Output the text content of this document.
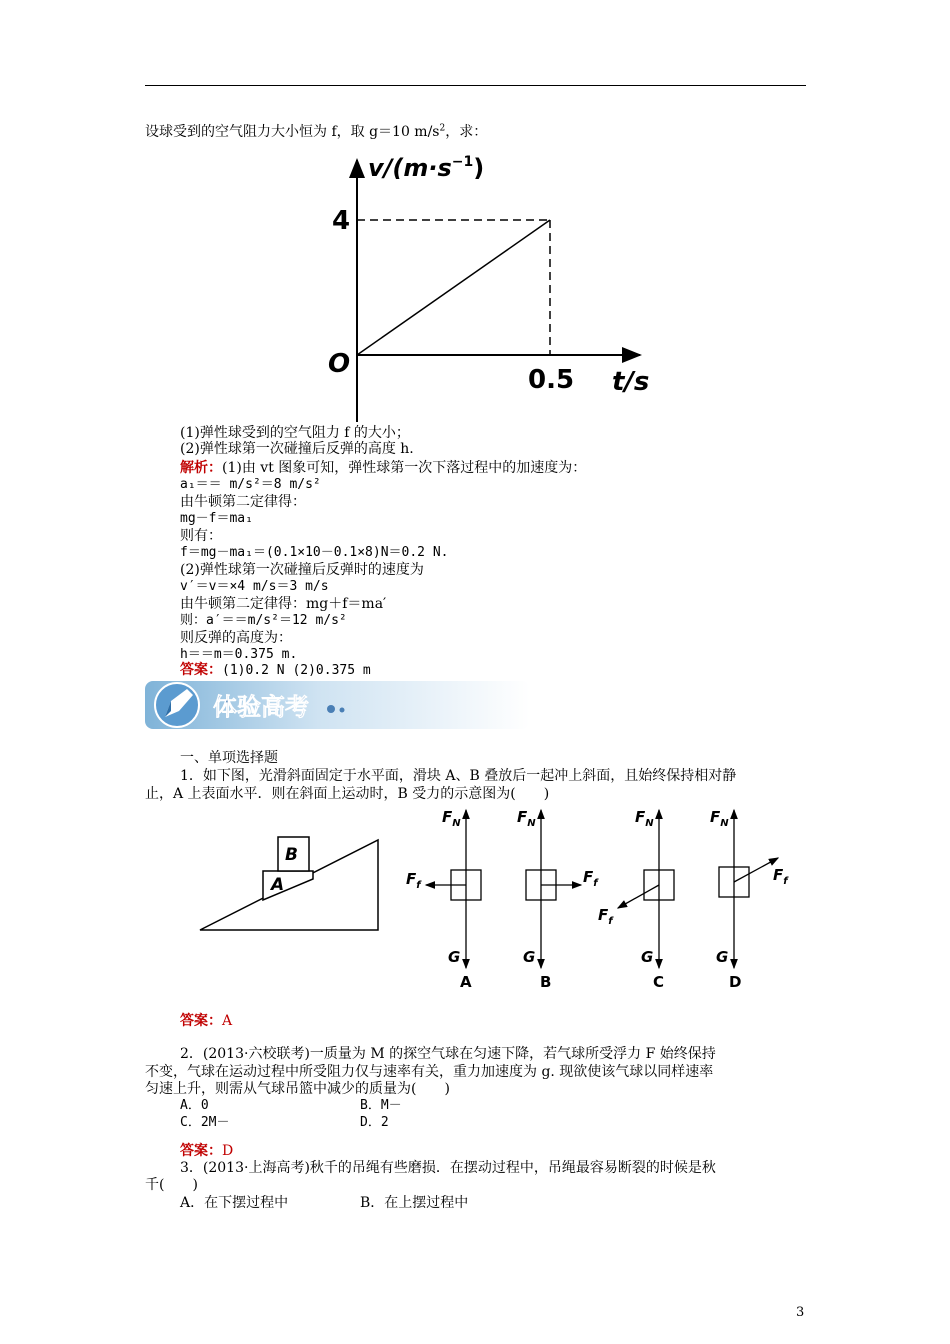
设球受到的空气阻力大小恒为 f，取 g＝10 $m/s^2$，求：
$v/(m\cdot s^{-1})$
4
O
0.5 t/s
(1)弹性球受到的空气阻力 f 的大小；
(2)弹性球第一次碰撞后反弹的高度 h.
解析：(1)由 vt 图象可知，弹性球第一次下落过程中的加速度为：
a₁＝＝ m/s²＝8 m/s²
由牛顿第二定律得：
mg－f＝ma₁
则有：
f＝mg－ma₁＝(0.1×10－0.1×8)N＝0.2 N.
(2)弹性球第一次碰撞后反弹时的速度为
v′＝v＝×4 m/s＝3 m/s
由牛顿第二定律得：mg＋f＝ma′
则：a′＝＝m/s²＝12 m/s²
则反弹的高度为：
h＝＝m＝0.375 m.
答案：(1)0.2 N (2)0.375 m
体验高考
一、单项选择题
1．如下图，光滑斜面固定于水平面，滑块 A、B 叠放后一起冲上斜面，且始终保持相对静
止，A 上表面水平．则在斜面上运动时，B 受力的示意图为(　　)
B
A
$F_N$
$F_f$
G
A
$F_N$
$F_f$
G
B
$F_N$
$F_f$
G
C
$F_N$
$F_f$
G
D
答案：A
2．(2013·六校联考)一质量为 M 的探空气球在匀速下降，若气球所受浮力 F 始终保持
不变，气球在运动过程中所受阻力仅与速率有关，重力加速度为 g. 现欲使该气球以同样速率
匀速上升，则需从气球吊篮中减少的质量为(　　)
A．0	B．M－
C．2M－	D．2
答案：D
3．(2013·上海高考)秋千的吊绳有些磨损．在摆动过程中，吊绳最容易断裂的时候是秋
千(　　)
A．在下摆过程中	B．在上摆过程中
3
